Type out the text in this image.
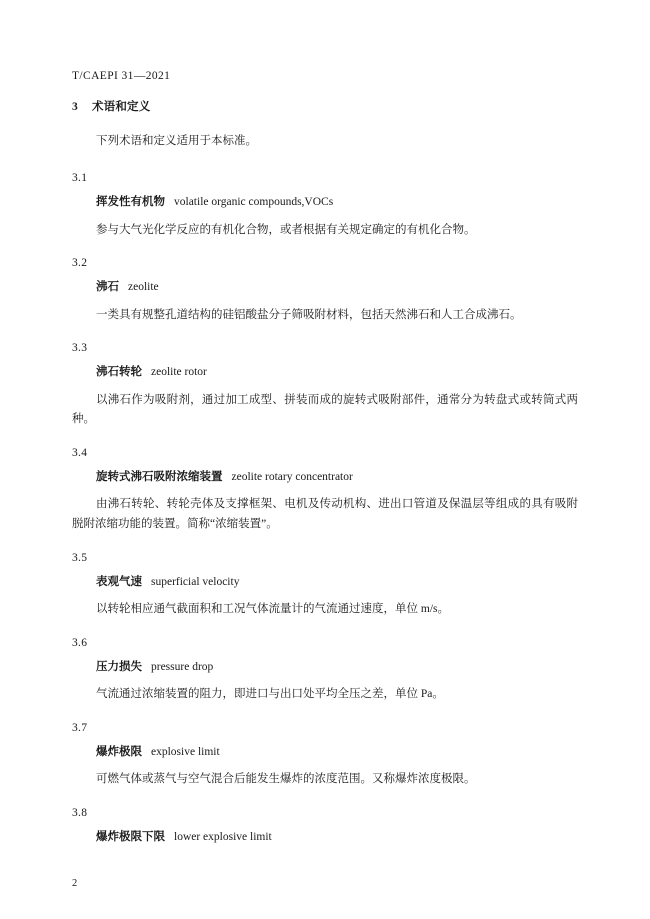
T/CAEPI 31—2021
3 术语和定义
下列术语和定义适用于本标准。
3.1
挥发性有机物 volatile organic compounds,VOCs
参与大气光化学反应的有机化合物，或者根据有关规定确定的有机化合物。
3.2
沸石 zeolite
一类具有规整孔道结构的硅铝酸盐分子筛吸附材料，包括天然沸石和人工合成沸石。
3.3
沸石转轮 zeolite rotor
以沸石作为吸附剂，通过加工成型、拼装而成的旋转式吸附部件，通常分为转盘式或转筒式两种。
3.4
旋转式沸石吸附浓缩装置 zeolite rotary concentrator
由沸石转轮、转轮壳体及支撑框架、电机及传动机构、进出口管道及保温层等组成的具有吸附脱附浓缩功能的装置。简称“浓缩装置”。
3.5
表观气速 superficial velocity
以转轮相应通气截面积和工况气体流量计的气流通过速度，单位 m/s。
3.6
压力损失 pressure drop
气流通过浓缩装置的阻力，即进口与出口处平均全压之差，单位 Pa。
3.7
爆炸极限 explosive limit
可燃气体或蒸气与空气混合后能发生爆炸的浓度范围。又称爆炸浓度极限。
3.8
爆炸极限下限 lower explosive limit
2
